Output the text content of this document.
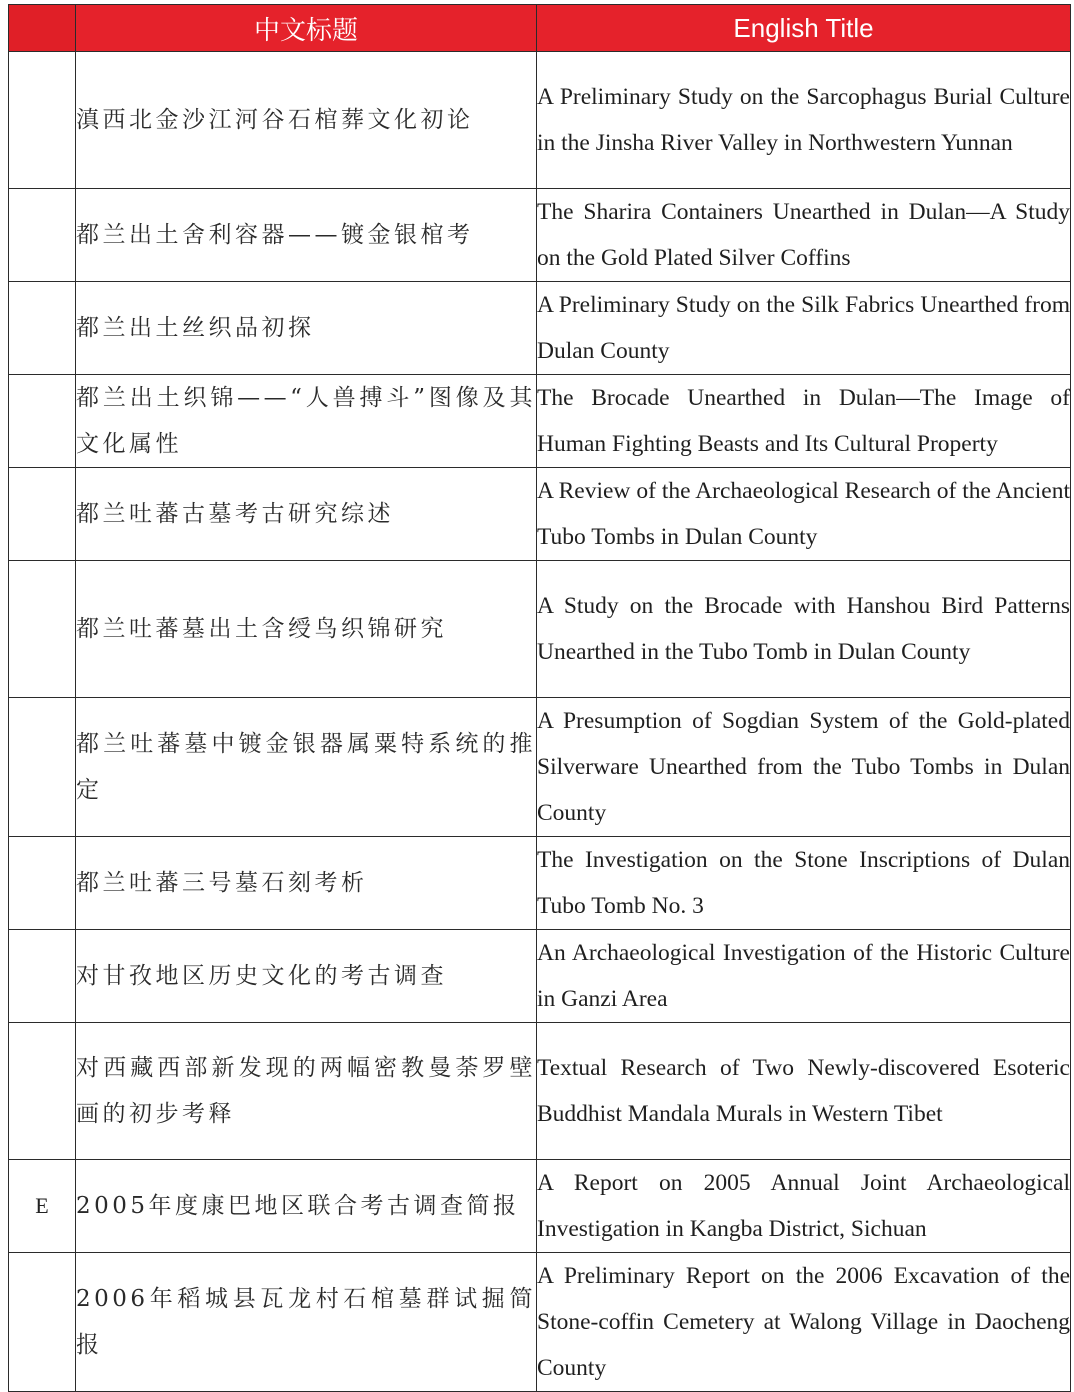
	中文标题	English Title
	滇西北金沙江河谷石棺葬文化初论	A Preliminary Study on the Sarcophagus Burial Culture in the Jinsha River Valley in Northwestern Yunnan
	都兰出土舍利容器——镀金银棺考	The Sharira Containers Unearthed in Dulan—A Study on the Gold Plated Silver Coffins
	都兰出土丝织品初探	A Preliminary Study on the Silk Fabrics Unearthed from Dulan County
	都兰出土织锦——“人兽搏斗”图像及其文化属性	The Brocade Unearthed in Dulan—The Image of Human Fighting Beasts and Its Cultural Property
	都兰吐蕃古墓考古研究综述	A Review of the Archaeological Research of the Ancient Tubo Tombs in Dulan County
	都兰吐蕃墓出土含绶鸟织锦研究	A Study on the Brocade with Hanshou Bird Patterns Unearthed in the Tubo Tomb in Dulan County
	都兰吐蕃墓中镀金银器属粟特系统的推定	A Presumption of Sogdian System of the Gold-plated Silverware Unearthed from the Tubo Tombs in Dulan County
	都兰吐蕃三号墓石刻考析	The Investigation on the Stone Inscriptions of Dulan Tubo Tomb No. 3
	对甘孜地区历史文化的考古调查	An Archaeological Investigation of the Historic Culture in Ganzi Area
	对西藏西部新发现的两幅密教曼荼罗壁画的初步考释	Textual Research of Two Newly-discovered Esoteric Buddhist Mandala Murals in Western Tibet
E	2005年度康巴地区联合考古调查简报	A Report on 2005 Annual Joint Archaeological Investigation in Kangba District, Sichuan
	2006年稻城县瓦龙村石棺墓群试掘简报	A Preliminary Report on the 2006 Excavation of the Stone-coffin Cemetery at Walong Village in Daocheng County
